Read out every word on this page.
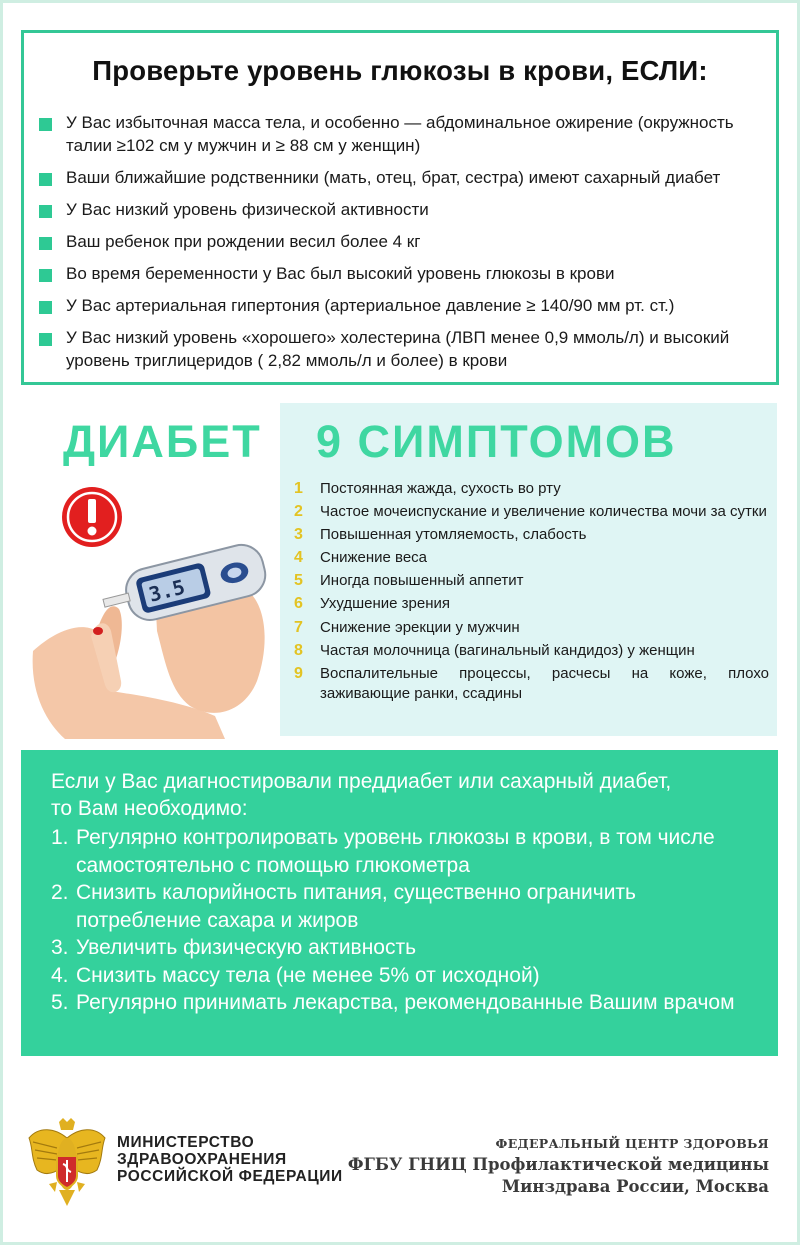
Проверьте уровень глюкозы в крови, ЕСЛИ:
У Вас избыточная масса тела, и особенно — абдоминальное ожирение (окружность талии ≥102 см у мужчин и ≥ 88 см у женщин)
Ваши ближайшие родственники (мать, отец, брат, сестра) имеют сахарный диабет
У Вас низкий уровень физической активности
Ваш ребенок при рождении весил более 4 кг
Во время беременности у Вас был высокий уровень глюкозы в крови
У Вас артериальная гипертония (артериальное давление ≥ 140/90 мм рт. ст.)
У Вас низкий уровень «хорошего» холестерина (ЛВП менее 0,9 ммоль/л) и высокий уровень триглицеридов ( 2,82 ммоль/л и более) в крови
ДИАБЕТ
3.5
9 СИМПТОМОВ
1 Постоянная жажда, сухость во рту
2 Частое мочеиспускание и увеличение количества мочи за сутки
3 Повышенная утомляемость, слабость
4 Снижение веса
5 Иногда повышенный аппетит
6 Ухудшение зрения
7 Снижение эрекции у мужчин
8 Частая молочница (вагинальный кандидоз) у женщин
9 Воспалительные процессы, расчесы на коже, плохо заживающие ранки, ссадины
Если у Вас диагностировали преддиабет или сахарный диабет,
то Вам необходимо:
1. Регулярно контролировать уровень глюкозы в крови, в том числе самостоятельно с помощью глюкометра
2. Снизить калорийность питания, существенно ограничить потребление сахара и жиров
3. Увеличить физическую активность
4. Снизить массу тела (не менее 5% от исходной)
5. Регулярно принимать лекарства, рекомендованные Вашим врачом
МИНИСТЕРСТВО
ЗДРАВООХРАНЕНИЯ
РОССИЙСКОЙ ФЕДЕРАЦИИ
ФЕДЕРАЛЬНЫЙ ЦЕНТР ЗДОРОВЬЯ
ФГБУ ГНИЦ Профилактической медицины
Минздрава России, Москва
